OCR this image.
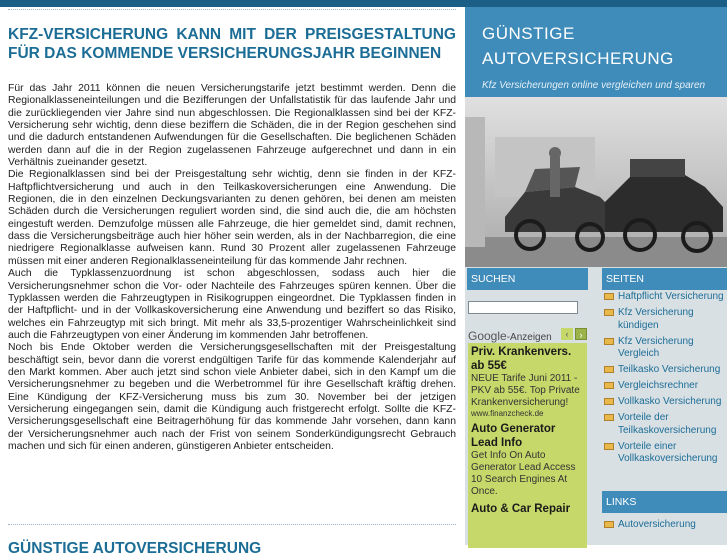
KFZ-VERSICHERUNG KANN MIT DER PREISGESTALTUNG FÜR DAS KOMMENDE VERSICHERUNGSJAHR BEGINNEN

Für das Jahr 2011 können die neuen Versicherungstarife jetzt bestimmt werden. Denn die Regionalklasseneinteilungen und die Bezifferungen der Unfallstatistik für das laufende Jahr und die zurückliegenden vier Jahre sind nun abgeschlossen. Die Regionalklassen sind bei der KFZ-Versicherung sehr wichtig, denn diese beziffern die Schäden, die in der Region geschehen sind und die dadurch entstandenen Aufwendungen für die Gesellschaften. Die beglichenen Schäden werden dann auf die in der Region zugelassenen Fahrzeuge aufgerechnet und dann in ein Verhältnis zueinander gesetzt.

Die Regionalklassen sind bei der Preisgestaltung sehr wichtig, denn sie finden in der KFZ-Haftpflichtversicherung und auch in den Teilkaskoversicherungen eine Anwendung. Die Regionen, die in den einzelnen Deckungsvarianten zu denen gehören, bei denen am meisten Schäden durch die Versicherungen reguliert worden sind, die sind auch die, die am höchsten eingestuft werden. Demzufolge müssen alle Fahrzeuge, die hier gemeldet sind, damit rechnen, dass die Versicherungsbeiträge auch hier höher sein werden, als in der Nachbarregion, die eine niedrigere Regionalklasse aufweisen kann. Rund 30 Prozent aller zugelassenen Fahrzeuge müssen mit einer anderen Regionalklasseneinteilung für das kommende Jahr rechnen.

Auch die Typklassenzuordnung ist schon abgeschlossen, sodass auch hier die Versicherungsnehmer schon die Vor- oder Nachteile des Fahrzeuges spüren kennen. Über die Typklassen werden die Fahrzeugtypen in Risikogruppen eingeordnet. Die Typklassen finden in der Haftpflicht- und in der Vollkaskoversicherung eine Anwendung und beziffert so das Risiko, welches ein Fahrzeugtyp mit sich bringt. Mit mehr als 33,5-prozentiger Wahrscheinlichkeit sind auch die Fahrzeugtypen von einer Änderung im kommenden Jahr betroffenen.

Noch bis Ende Oktober werden die Versicherungsgesellschaften mit der Preisgestaltung beschäftigt sein, bevor dann die vorerst endgültigen Tarife für das kommende Kalenderjahr auf den Markt kommen. Aber auch jetzt sind schon viele Anbieter dabei, sich in den Kampf um die Versicherungsnehmer zu begeben und die Werbetrommel für ihre Gesellschaft kräftig drehen. Eine Kündigung der KFZ-Versicherung muss bis zum 30. November bei der jetzigen Versicherung eingegangen sein, damit die Kündigung auch fristgerecht erfolgt. Sollte die KFZ-Versicherungsgesellschaft eine Beitragerhöhung für das kommende Jahr vorsehen, dann kann der Versicherungsnehmer auch nach der Frist von seinem Sonderkündigungsrecht Gebrauch machen und sich für einen anderen, günstigeren Anbieter entscheiden.

GÜNSTIGE AUTOVERSICHERUNG
GÜNSTIGE
AUTOVERSICHERUNG
Kfz Versicherungen online vergleichen und sparen
SUCHEN
Google-Anzeigen	‹	›
Priv. Krankenvers. ab 55€
NEUE Tarife Juni 2011 - PKV ab 55€. Top Private Krankenversicherung!
www.finanzcheck.de
Auto Generator Lead Info
Get Info On Auto Generator Lead Access 10 Search Engines At Once.
Auto & Car Repair
SEITEN
Haftpflicht Versicherung
Kfz Versicherung kündigen
Kfz Versicherung Vergleich
Teilkasko Versicherung
Vergleichsrechner
Vollkasko Versicherung
Vorteile der Teilkaskoversicherung
Vorteile einer Vollkaskoversicherung
LINKS
Autoversicherung
